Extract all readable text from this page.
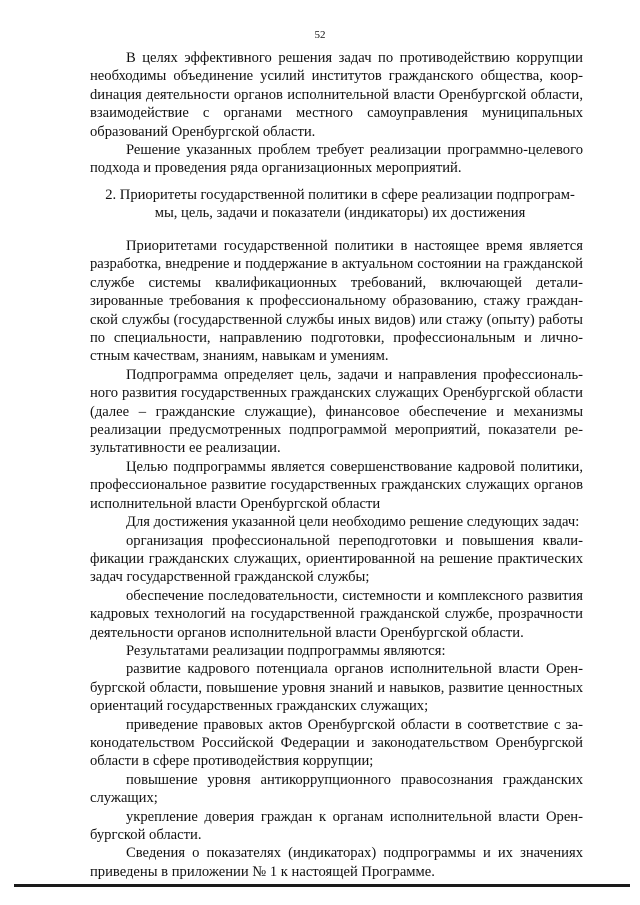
52

В целях эффективного решения задач по противодействию коррупции необходимы объединение усилий институтов гражданского общества, коорdинация деятельности органов исполнительной власти Оренбургской области, взаимодействие с органами местного самоуправления муниципальных образований Оренбургской области.

Решение указанных проблем требует реализации программно-целевого подхода и проведения ряда организационных мероприятий.

2. Приоритеты государственной политики в сфере реализации подпрограм-
мы, цель, задачи и показатели (индикаторы) их достижения

Приоритетами государственной политики в настоящее время является разработка, внедрение и поддержание в актуальном состоянии на гражданской службе системы квалификационных требований, включающей детализированные требования к профессиональному образованию, стажу гражданской службы (государственной службы иных видов) или стажу (опыту) работы по специальности, направлению подготовки, профессиональным и личностным качествам, знаниям, навыкам и умениям.

Подпрограмма определяет цель, задачи и направления профессионального развития государственных гражданских служащих Оренбургской области (далее – гражданские служащие), финансовое обеспечение и механизмы реализации предусмотренных подпрограммой мероприятий, показатели результативности ее реализации.

Целью подпрограммы является совершенствование кадровой политики, профессиональное развитие государственных гражданских служащих органов исполнительной власти Оренбургской области

Для достижения указанной цели необходимо решение следующих задач:

организация профессиональной переподготовки и повышения квалификации гражданских служащих, ориентированной на решение практических задач государственной гражданской службы;

обеспечение последовательности, системности и комплексного развития кадровых технологий на государственной гражданской службе, прозрачности деятельности органов исполнительной власти Оренбургской области.

Результатами реализации подпрограммы являются:

развитие кадрового потенциала органов исполнительной власти Оренбургской области, повышение уровня знаний и навыков, развитие ценностных ориентаций государственных гражданских служащих;

приведение правовых актов Оренбургской области в соответствие с законодательством Российской Федерации и законодательством Оренбургской области в сфере противодействия коррупции;

повышение уровня антикоррупционного правосознания гражданских служащих;

укрепление доверия граждан к органам исполнительной власти Оренбургской области.

Сведения о показателях (индикаторах) подпрограммы и их значениях приведены в приложении № 1 к настоящей Программе.
